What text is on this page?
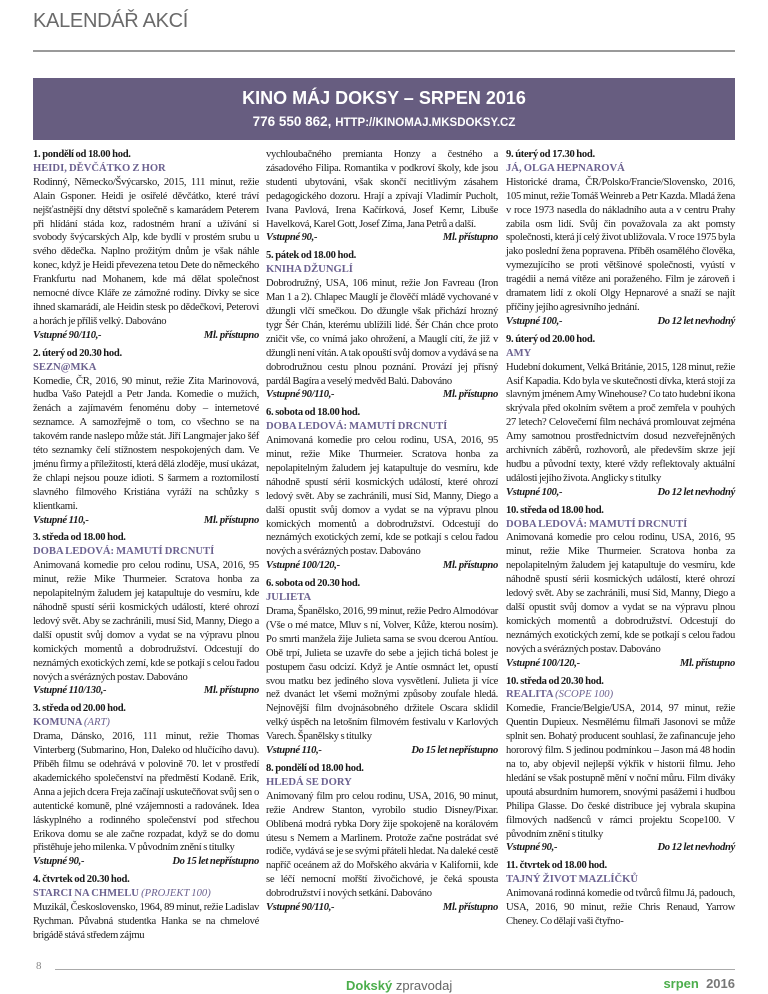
KALENDÁŘ AKCÍ
KINO MÁJ DOKSY – SRPEN 2016
776 550 862, HTTP://KINOMAJ.MKSDOKSY.CZ
1. pondělí od 18.00 hod.
HEIDI, DĚVČÁTKO Z HOR
Rodinný, Německo/Švýcarsko, 2015, 111 minut, režie Alain Gsponer. Heidi je osiřelé děvčátko, které tráví nejšťastnější dny dětství společně s kamarádem Peterem při hlídání stáda koz, radostném hraní a užívání si svobody švýcarských Alp, kde bydlí v prostém srubu u svého dědečka. Naplno prožitým dnům je však náhle konec, když je Heidi převezena tetou Dete do německého Frankfurtu nad Mohanem, kde má dělat společnost nemocné dívce Kláře ze zámožné rodiny. Dívky se sice ihned skamarádí, ale Heidin stesk po dědečkovi, Peterovi a horách je příliš velký. Dabováno
Vstupné 90/110,-	Ml. přístupno
2. úterý od 20.30 hod.
SEZN@MKA
Komedie, ČR, 2016, 90 minut, režie Zita Marinovová, hudba Vašo Patejdl a Petr Janda. Komedie o mužích, ženách a zajímavém fenoménu doby – internetové seznamce. A samozřejmě o tom, co všechno se na takovém rande naslepo může stát. Jiří Langmajer jako šéf této seznamky čelí stížnostem nespokojených dam. Ve jménu firmy a příležitostí, která dělá zloděje, musí ukázat, že chlapi nejsou pouze idioti. S šarmem a roztomilostí slavného filmového Kristiána vyráží na schůzky s klientkami.
Vstupné 110,-	Ml. přístupno
3. středa od 18.00 hod.
DOBA LEDOVÁ: MAMUTÍ DRCNUTÍ
Animovaná komedie pro celou rodinu, USA, 2016, 95 minut, režie Mike Thurmeier. Scratova honba za nepolapitelným žaludem jej katapultuje do vesmíru, kde náhodně spustí sérii kosmických událostí, které ohrozí ledový svět. Aby se zachránili, musí Sid, Manny, Diego a další opustit svůj domov a vydat se na výpravu plnou komických momentů a dobrodružství. Odcestují do neznámých exotických zemí, kde se potkají s celou řadou nových a svérázných postav. Dabováno
Vstupné 110/130,-	Ml. přístupno
3. středa od 20.00 hod.
KOMUNA (ART)
Drama, Dánsko, 2016, 111 minut, režie Thomas Vinterberg (Submarino, Hon, Daleko od hlučícího davu). Příběh filmu se odehrává v polovině 70. let v prostředí akademického společenství na předměstí Kodaně. Erik, Anna a jejich dcera Freja začínají uskutečňovat svůj sen o autentické komuně, plné vzájemnosti a radovánek. Idea láskyplného a rodinného společenství pod střechou Erikova domu se ale začne rozpadat, když se do domu přistěhuje jeho milenka. V původním znění s titulky
Vstupné 90,-	Do 15 let nepřístupno
4. čtvrtek od 20.30 hod.
STARCI NA CHMELU (PROJEKT 100)
Muzikál, Československo, 1964, 89 minut, režie Ladislav Rychman. Půvabná studentka Hanka se na chmelové brigádě stává středem zájmu
vychloubačného premianta Honzy a čestného a zásadového Filipa. Romantika v podkroví školy, kde jsou studenti ubytováni, však skončí necitlivým zásahem pedagogického dozoru. Hrají a zpívají Vladimír Pucholt, Ivana Pavlová, Irena Kačírková, Josef Kemr, Libuše Havelková, Karel Gott, Josef Zíma, Jana Petrů a další.
Vstupné 90,-	Ml. přístupno
5. pátek od 18.00 hod.
KNIHA DŽUNGLÍ
Dobrodružný, USA, 106 minut, režie Jon Favreau (Iron Man 1 a 2). Chlapec Mauglí je člověčí mládě vychované v džungli vlčí smečkou. Do džungle však přichází hrozný tygr Šér Chán, kterému ublížili lidé. Šér Chán chce proto zničit vše, co vnímá jako ohrožení, a Mauglí cítí, že již v džungli není vítán. A tak opouští svůj domov a vydává se na dobrodružnou cestu plnou poznání. Provází jej přísný pardál Bagíra a veselý medvěd Balú. Dabováno
Vstupné 90/110,-	Ml. přístupno
6. sobota od 18.00 hod.
DOBA LEDOVÁ: MAMUTÍ DRCNUTÍ
Animovaná komedie pro celou rodinu, USA, 2016, 95 minut, režie Mike Thurmeier. Scratova honba za nepolapitelným žaludem jej katapultuje do vesmíru, kde náhodně spustí sérii kosmických událostí, které ohrozí ledový svět. Aby se zachránili, musí Sid, Manny, Diego a další opustit svůj domov a vydat se na výpravu plnou komických momentů a dobrodružství. Odcestují do neznámých exotických zemí, kde se potkají s celou řadou nových a svérázných postav. Dabováno
Vstupné 100/120,-	Ml. přístupno
6. sobota od 20.30 hod.
JULIETA
Drama, Španělsko, 2016, 99 minut, režie Pedro Almodóvar (Vše o mé matce, Mluv s ní, Volver, Kůže, kterou nosím). Po smrti manžela žije Julieta sama se svou dcerou Antíou. Obě trpí, Julieta se uzavře do sebe a jejich tichá bolest je postupem času odcizí. Když je Antíe osmnáct let, opustí svou matku bez jediného slova vysvětlení. Julieta ji více než dvanáct let všemi možnými způsoby zoufale hledá. Nejnovější film dvojnásobného držitele Oscara sklidil velký úspěch na letošním filmovém festivalu v Karlových Varech. Španělsky s titulky
Vstupné 110,-	Do 15 let nepřístupno
8. pondělí od 18.00 hod.
HLEDÁ SE DORY
Animovaný film pro celou rodinu, USA, 2016, 90 minut, režie Andrew Stanton, vyrobilo studio Disney/Pixar. Oblíbená modrá rybka Dory žije spokojeně na korálovém útesu s Nemem a Marlinem. Protože začne postrádat své rodiče, vydává se je se svými přáteli hledat. Na daleké cestě napříč oceánem až do Mořského akvária v Kalifornii, kde se léčí nemocní mořští živočichové, je čeká spousta dobrodružství i nových setkání. Dabováno
Vstupné 90/110,-	Ml. přístupno
9. úterý od 17.30 hod.
JÁ, OLGA HEPNAROVÁ
Historické drama, ČR/Polsko/Francie/Slovensko, 2016, 105 minut, režie Tomáš Weinreb a Petr Kazda. Mladá žena v roce 1973 nasedla do nákladního auta a v centru Prahy zabila osm lidí. Svůj čin považovala za akt pomsty společnosti, která jí celý život ubližovala. V roce 1975 byla jako poslední žena popravena. Příběh osamělého člověka, vymezujícího se proti většinové společnosti, vyústí v tragédii a nemá vítěze ani poraženého. Film je zároveň i dramatem lidí z okolí Olgy Hepnarové a snaží se najít příčiny jejího agresivního jednání.
Vstupné 100,-	Do 12 let nevhodný
9. úterý od 20.00 hod.
AMY
Hudební dokument, Velká Británie, 2015, 128 minut, režie Asif Kapadia. Kdo byla ve skutečnosti dívka, která stojí za slavným jménem Amy Winehouse? Co tato hudební ikona skrývala před okolním světem a proč zemřela v pouhých 27 letech? Celovečerní film nechává promlouvat zejména Amy samotnou prostřednictvím dosud nezveřejněných archivních záběrů, rozhovorů, ale především skrze její hudbu a původní texty, které vždy reflektovaly aktuální události jejího života. Anglicky s titulky
Vstupné 100,-	Do 12 let nevhodný
10. středa od 18.00 hod.
DOBA LEDOVÁ: MAMUTÍ DRCNUTÍ
Animovaná komedie pro celou rodinu, USA, 2016, 95 minut, režie Mike Thurmeier. Scratova honba za nepolapitelným žaludem jej katapultuje do vesmíru, kde náhodně spustí sérii kosmických událostí, které ohrozí ledový svět. Aby se zachránili, musí Sid, Manny, Diego a další opustit svůj domov a vydat se na výpravu plnou komických momentů a dobrodružství. Odcestují do neznámých exotických zemí, kde se potkají s celou řadou nových a svérázných postav. Dabováno
Vstupné 100/120,-	Ml. přístupno
10. středa od 20.30 hod.
REALITA (SCOPE 100)
Komedie, Francie/Belgie/USA, 2014, 97 minut, režie Quentin Dupieux. Nesmělému filmaři Jasonovi se může splnit sen. Bohatý producent souhlasí, že zafinancuje jeho hororový film. S jedinou podmínkou – Jason má 48 hodin na to, aby objevil nejlepší výkřik v historii filmu. Jeho hledání se však postupně mění v noční můru. Film diváky upoutá absurdním humorem, snovými pasážemi i hudbou Philipa Glasse. Do české distribuce jej vybrala skupina filmových nadšenců v rámci projektu Scope100. V původním znění s titulky
Vstupné 90,-	Do 12 let nevhodný
11. čtvrtek od 18.00 hod.
TAJNÝ ŽIVOT MAZLÍČKŮ
Animovaná rodinná komedie od tvůrců filmu Já, padouch, USA, 2016, 90 minut, režie Chris Renaud, Yarrow Cheney. Co dělají vaši čtyřno-
8
Dokský zpravodaj	srpen 2016
